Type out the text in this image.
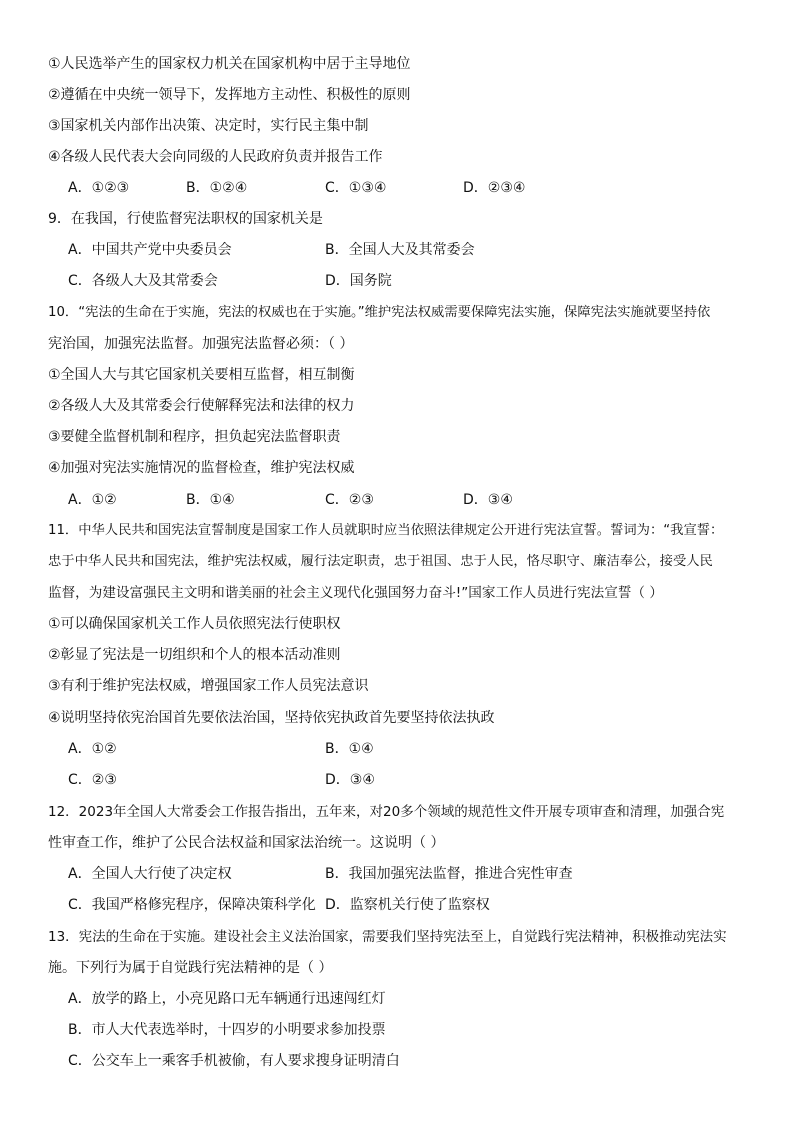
①人民选举产生的国家权力机关在国家机构中居于主导地位
②遵循在中央统一领导下，发挥地方主动性、积极性的原则
③国家机关内部作出决策、决定时，实行民主集中制
④各级人民代表大会向同级的人民政府负责并报告工作
A．①②③	B．①②④	C．①③④	D．②③④
9．在我国，行使监督宪法职权的国家机关是
A．中国共产党中央委员会	B．全国人大及其常委会
C．各级人大及其常委会	D．国务院
10．“宪法的生命在于实施，宪法的权威也在于实施。”维护宪法权威需要保障宪法实施，保障宪法实施就要坚持依
宪治国，加强宪法监督。加强宪法监督必须：（ ）
①全国人大与其它国家机关要相互监督，相互制衡
②各级人大及其常委会行使解释宪法和法律的权力
③要健全监督机制和程序，担负起宪法监督职责
④加强对宪法实施情况的监督检查，维护宪法权威
A．①②	B．①④	C．②③	D．③④
11．中华人民共和国宪法宣誓制度是国家工作人员就职时应当依照法律规定公开进行宪法宣誓。誓词为：“我宣誓：
忠于中华人民共和国宪法，维护宪法权威，履行法定职责，忠于祖国、忠于人民，恪尽职守、廉洁奉公，接受人民
监督，为建设富强民主文明和谐美丽的社会主义现代化强国努力奋斗!”国家工作人员进行宪法宣誓（ ）
①可以确保国家机关工作人员依照宪法行使职权
②彰显了宪法是一切组织和个人的根本活动准则
③有利于维护宪法权威，增强国家工作人员宪法意识
④说明坚持依宪治国首先要依法治国，坚持依宪执政首先要坚持依法执政
A．①②	B．①④
C．②③	D．③④
12．2023年全国人大常委会工作报告指出，五年来，对20多个领域的规范性文件开展专项审查和清理，加强合宪
性审查工作，维护了公民合法权益和国家法治统一。这说明（ ）
A．全国人大行使了决定权	B．我国加强宪法监督，推进合宪性审查
C．我国严格修宪程序，保障决策科学化 D．监察机关行使了监察权
13．宪法的生命在于实施。建设社会主义法治国家，需要我们坚持宪法至上，自觉践行宪法精神，积极推动宪法实
施。下列行为属于自觉践行宪法精神的是（ ）
A．放学的路上，小亮见路口无车辆通行迅速闯红灯
B．市人大代表选举时，十四岁的小明要求参加投票
C．公交车上一乘客手机被偷，有人要求搜身证明清白
